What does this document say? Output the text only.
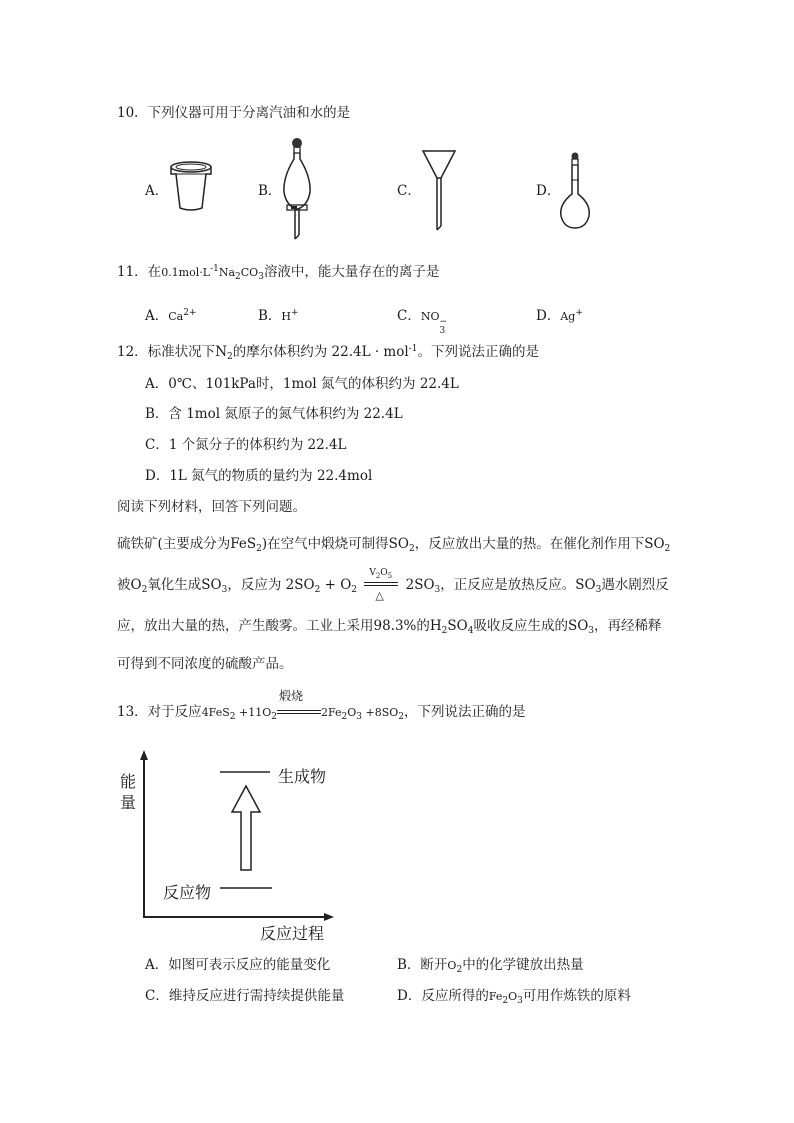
10．下列仪器可用于分离汽油和水的是
A．	B．	C．	D．
11．在$0.1mol\cdot L^{-1}Na_2CO_3$溶液中，能大量存在的离子是
A．$Ca^{2+}$	B．H+	C．NO −
3
D．Ag+
12．标准状况下$N_2$的摩尔体积约为 22.4L · mol$^{-1}$。下列说法正确的是
A．0℃、101kPa时，1mol 氮气的体积约为 22.4L
B．含 1mol 氮原子的氮气体积约为 22.4L
C．1 个氮分子的体积约为 22.4L
D．1L 氮气的物质的量约为 22.4mol
阅读下列材料，回答下列问题。
硫铁矿(主要成分为FeS$_2$)在空气中煅烧可制得$SO_2$，反应放出大量的热。在催化剂作用下$SO_2$
被$O_2$氧化生成$SO_3$，反应为 $2SO_2 + O_2$
$V_2O_5$
△
$2SO_3$，正反应是放热反应。$SO_3$遇水剧烈反
应，放出大量的热，产生酸雾。工业上采用98.3%的$H_2SO_4$吸收反应生成的$SO_3$，再经稀释
可得到不同浓度的硫酸产品。
13．对于反应$4FeS_2 +11O_2$
煅烧
$2Fe_2O_3 +8SO_2$，下列说法正确的是
能
量
生成物
反应物
反应过程
A．如图可表示反应的能量变化	B．断开$O_2$中的化学键放出热量
C．维持反应进行需持续提供能量	D．反应所得的$Fe_2O_3$可用作炼铁的原料
